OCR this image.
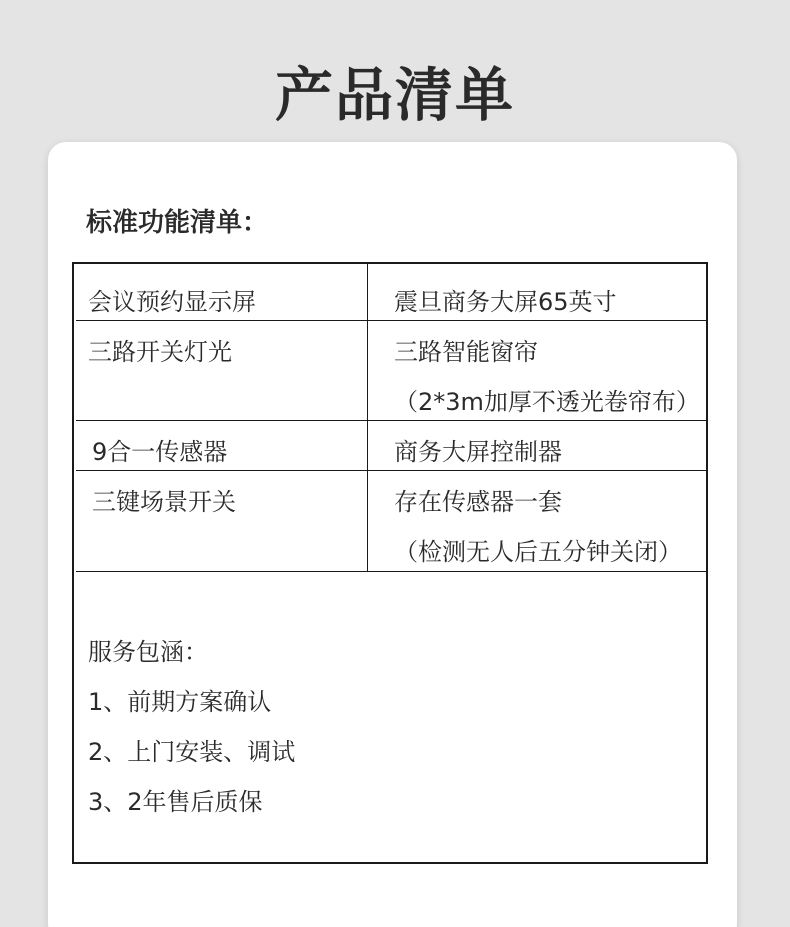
产品清单
标准功能清单：
会议预约显示屏	震旦商务大屏65英寸
三路开关灯光	三路智能窗帘
（2*3m加厚不透光卷帘布）
9合一传感器	商务大屏控制器
三键场景开关	存在传感器一套
（检测无人后五分钟关闭）
服务包涵：
1、前期方案确认
2、上门安装、调试
3、2年售后质保
